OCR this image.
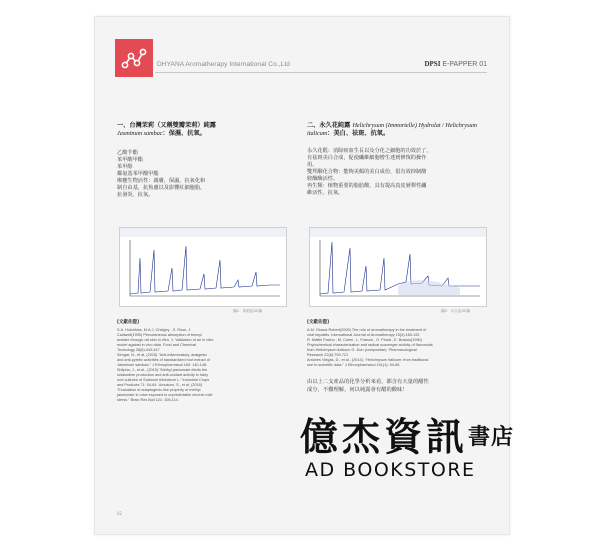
DHYANA Aromatherapy International Co.,Ltd	DPSI E-PAPPER 01
一、台灣茉莉（又稱雙瓣茉莉）純露
Jasminum sambac：保濕、抗氧。
乙酸苄酯
苯甲酸甲酯
苯甲醇
鄰氨基苯甲酸甲酯
療癒生物活性：親膚，保濕，抗氧化和
制自由基，抗焦慮以及影響紅細胞脂，
抗發炎、抗氧。
圖1：茉莉花GC圖
[文獻佐證]
S.A. Hotchkiss, M.A.J. Chidgey , S. Rose, J.
Caldwell(1990) Percutaneous absorption of benzyl
acetate through rat skin in vitro. 1. Validation of an in vitro
model against in vivo data. Food and Chemical
Toxicology 28(6):443-447
Sengar, N., et al, (2015) "Anti-inflammatory, analgesic
and anti-pyretic activities of standardized root extract of
Jasminum sambac." J Ethnopharmacol 160: 140-148.
Shilpha, J., et al., (2015) "Methyl jasmonate elicits the
solasodine production and anti-oxidant activity in hairy
root cultures of Solanum trilobatum L." Industrial Crops
and Products 71: 54-64. Umukoro, S., et al, (2018)
"Evaluation of adaptogenic-like property of methyl
jasmonate in mice exposed to unpredictable chronic mild
stress." Brain Res Bull 121: 105-114.
二、永久花純露 Helichrysum (Immortelle) Hydrolat / Helichrysum italicum：美白、祛斑、抗氧。
永久花醛：消除瘀血生長以及分化之細胞的功效於了，
有祛斑美白合成，促使纖維細胞增生達到修復的操作
用。
雙羥酮化合物：能夠美顏的美白成份，很有效抑制酪
胺酶酶活性。
再生類：植物重要的脂肪酸，具有提高真皮層彈性纖
維活性、抗氧。
圖2：永久花GC圖
[文獻佐證]
A.M. Giraud-Robert(2005) The role of aromatherapy in the treatment of
viral hepatitis. International Journal of Aromatherapy 15(4):183-192
R. Maffei Facino , M. Carini , L. Franzoi , O. Pirola , E. Bosisio(1990)
Phytochemical characterization and radical scavenger activity of flavonoids
from Helichrysum italicum G. Don (compositae). Pharmacological
Research 22(6):709-721
Antunes Viegas, D., et al., (2014). "Helichrysum italicum: from traditional
use to scientific data." J Ethnopharmacol 151(1): 54-65.
由以上二支產品的化學分析來看，都含有大量的醋性
成分，不難理解，何以純露會有醋的酸味！
02
億杰資訊書店
AD BOOKSTORE
